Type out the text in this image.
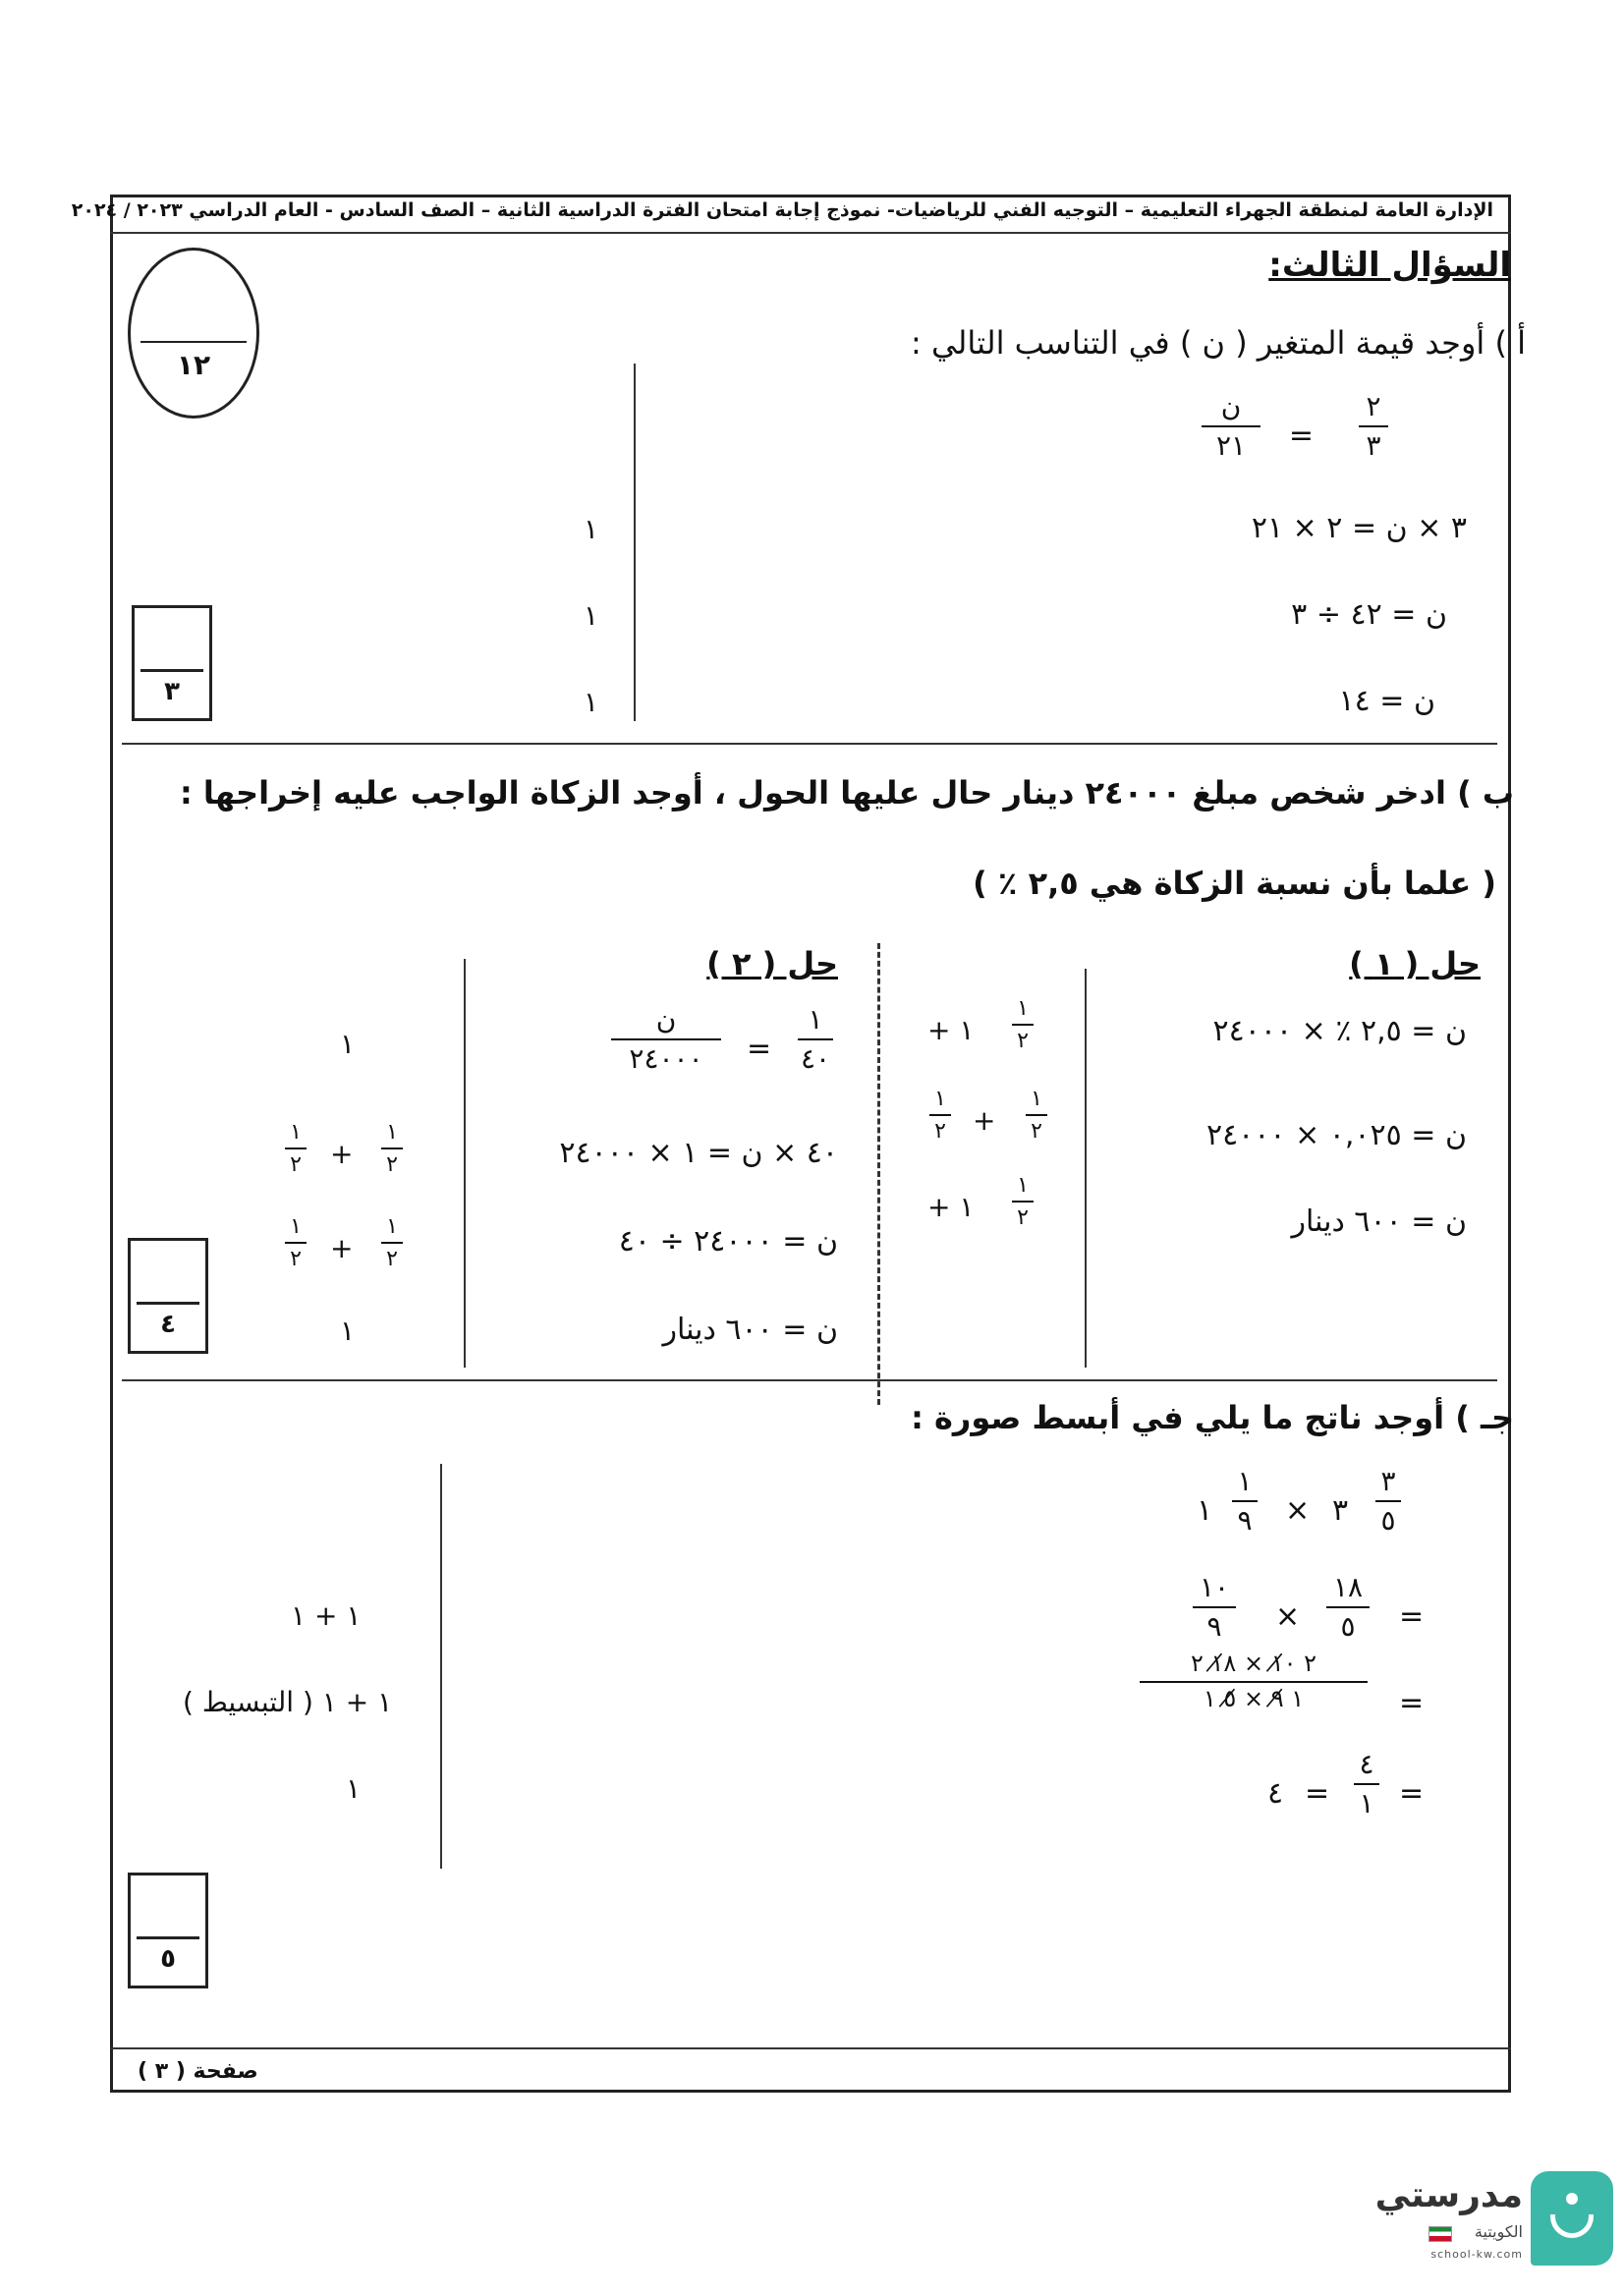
الإدارة العامة لمنطقة الجهراء التعليمية – التوجيه الفني للرياضيات- نموذج إجابة امتحان الفترة الدراسية الثانية – الصف السادس - العام الدراسي ٢٠٢٣ / ٢٠٢٤
السؤال الثالث:
١٢
أ ) أوجد قيمة المتغير ( ن ) في التناسب التالي :
٢
٣
=
ن
٢١
٣ × ن = ٢ × ٢١
ن = ٤٢ ÷ ٣
ن = ١٤
١
١
١
٣
ب ) ادخر شخص مبلغ ٢٤٠٠٠ دينار حال عليها الحول ، أوجد الزكاة الواجب عليه إخراجها :
( علما بأن نسبة الزكاة هي ٢,٥ ٪ )
حل ( ١ )
ن = ٢,٥ ٪ × ٢٤٠٠٠
ن = ٠,٠٢٥ × ٢٤٠٠٠
ن = ٦٠٠ دينار
١ +
١
٢
١
٢ +
١
٢
١ +
١
٢
حل ( ٢ )
١
٤٠
=
ن
٢٤٠٠٠
٤٠ × ن = ١ × ٢٤٠٠٠
ن = ٢٤٠٠٠ ÷ ٤٠
ن = ٦٠٠ دينار
١
١
٢ +
١
٢
١
٢ +
١
٢
١
٤
جـ ) أوجد ناتج ما يلي في أبسط صورة :
٣
٣
٥
×
١
١
٩
=
١٨
٥
×
١٠
٩
=
٢ ١̸٠ × ١̸٨ ٢
١ ٩̸ × ٥̸ ١
=
٤
١
=
٤
١ + ١
١ + ١ ( التبسيط )
١
٥
صفحة ( ٣ )
مدرستي
الكويتية
school-kw.com
